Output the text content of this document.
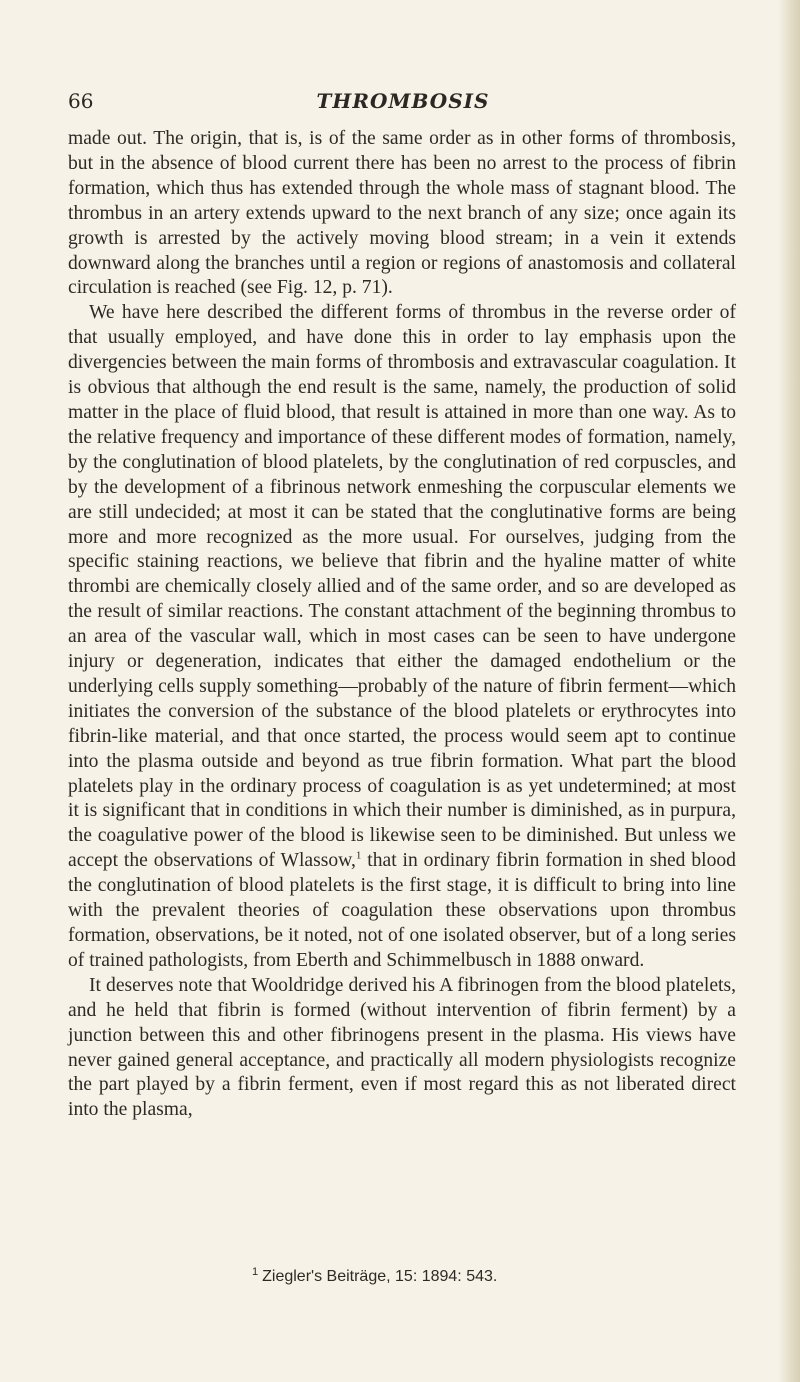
66	THROMBOSIS

made out. The origin, that is, is of the same order as in other forms of thrombosis, but in the absence of blood current there has been no arrest to the process of fibrin formation, which thus has extended through the whole mass of stagnant blood. The thrombus in an artery extends upward to the next branch of any size; once again its growth is arrested by the actively moving blood stream; in a vein it extends downward along the branches until a region or regions of anastomosis and collateral circulation is reached (see Fig. 12, p. 71).

We have here described the different forms of thrombus in the reverse order of that usually employed, and have done this in order to lay emphasis upon the divergencies between the main forms of thrombosis and extravascular coagulation. It is obvious that although the end result is the same, namely, the production of solid matter in the place of fluid blood, that result is attained in more than one way. As to the relative frequency and importance of these different modes of formation, namely, by the conglutination of blood platelets, by the conglutination of red corpuscles, and by the development of a fibrinous network enmeshing the corpuscular elements we are still undecided; at most it can be stated that the conglutinative forms are being more and more recognized as the more usual. For ourselves, judging from the specific staining reactions, we believe that fibrin and the hyaline matter of white thrombi are chemically closely allied and of the same order, and so are developed as the result of similar reactions. The constant attachment of the beginning thrombus to an area of the vascular wall, which in most cases can be seen to have undergone injury or degeneration, indicates that either the damaged endothelium or the underlying cells supply something—probably of the nature of fibrin ferment—which initiates the conversion of the substance of the blood platelets or erythrocytes into fibrin-like material, and that once started, the process would seem apt to continue into the plasma outside and beyond as true fibrin formation. What part the blood platelets play in the ordinary process of coagulation is as yet undetermined; at most it is significant that in conditions in which their number is diminished, as in purpura, the coagulative power of the blood is likewise seen to be diminished. But unless we accept the observations of Wlassow,$^1$ that in ordinary fibrin formation in shed blood the conglutination of blood platelets is the first stage, it is difficult to bring into line with the prevalent theories of coagulation these observations upon thrombus formation, observations, be it noted, not of one isolated observer, but of a long series of trained pathologists, from Eberth and Schimmelbusch in 1888 onward.

It deserves note that Wooldridge derived his A fibrinogen from the blood platelets, and he held that fibrin is formed (without intervention of fibrin ferment) by a junction between this and other fibrinogens present in the plasma. His views have never gained general acceptance, and practically all modern physiologists recognize the part played by a fibrin ferment, even if most regard this as not liberated direct into the plasma,

$^1$ Ziegler's Beiträge, 15: 1894: 543.
